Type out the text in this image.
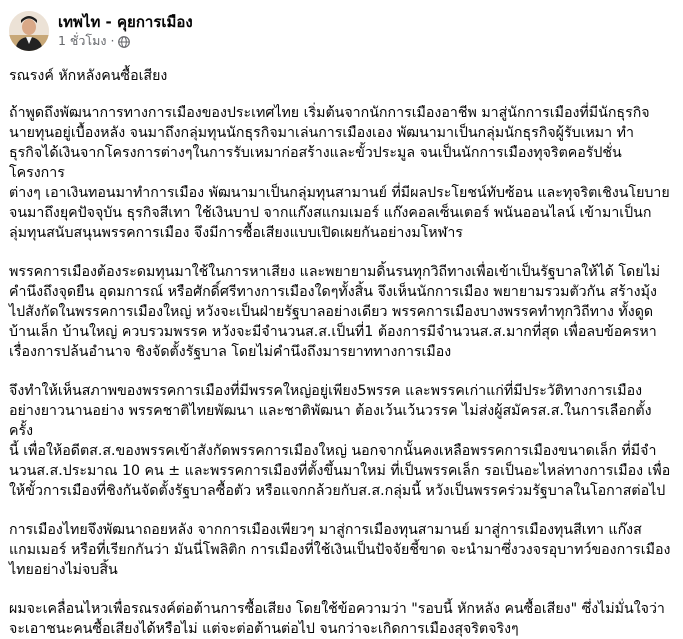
เทพไท - คุยการเมือง
1 ชั่วโมง ·

รณรงค์ หักหลังคนซื้อเสียง

ถ้าพูดถึงพัฒนาการทางการเมืองของประเทศไทย เริ่มต้นจากนักการเมืองอาชีพ มาสู่นักการเมืองที่มีนักธุรกิจ
นายทุนอยู่เบื้องหลัง จนมาถึงกลุ่มทุนนักธุรกิจมาเล่นการเมืองเอง พัฒนามาเป็นกลุ่มนักธุรกิจผู้รับเหมา ทำ
ธุรกิจได้เงินจากโครงการต่างๆในการรับเหมาก่อสร้างและขั้วประมูล จนเป็นนักการเมืองทุจริตคอรัปชั่นโครงการ
ต่างๆ เอาเงินทอนมาทำการเมือง พัฒนามาเป็นกลุ่มทุนสามานย์ ที่มีผลประโยชน์ทับซ้อน และทุจริตเชิงนโยบาย
จนมาถึงยุคปัจจุบัน ธุรกิจสีเทา ใช้เงินบาป จากแก๊งสแกมเมอร์ แก๊งคอลเซ็นเตอร์ พนันออนไลน์ เข้ามาเป็นก
ลุ่มทุนสนับสนุนพรรคการเมือง จึงมีการซื้อเสียงแบบเปิดเผยกันอย่างมโหฬาร

พรรคการเมืองต้องระดมทุนมาใช้ในการหาเสียง และพยายามดิ้นรนทุกวิถีทางเพื่อเข้าเป็นรัฐบาลให้ได้ โดยไม่
คำนึงถึงจุดยืน อุดมการณ์ หรือศักดิ์ศรีทางการเมืองใดๆทั้งสิ้น จึงเห็นนักการเมือง พยายามรวมตัวกัน สร้างมุ้ง
ไปสังกัดในพรรคการเมืองใหญ่ หวังจะเป็นฝ่ายรัฐบาลอย่างเดียว พรรคการเมืองบางพรรคทำทุกวิถีทาง ทั้งดูด
บ้านเล็ก บ้านใหญ่ ควบรวมพรรค หวังจะมีจำนวนส.ส.เป็นที่1 ต้องการมีจำนวนส.ส.มากที่สุด เพื่อลบข้อครหา
เรื่องการปล้นอำนาจ ชิงจัดตั้งรัฐบาล โดยไม่คำนึงถึงมารยาททางการเมือง

จึงทำให้เห็นสภาพของพรรคการเมืองที่มีพรรคใหญ่อยู่เพียง5พรรค และพรรคเก่าแก่ที่มีประวัติทางการเมือง
อย่างยาวนานอย่าง พรรคชาติไทยพัฒนา และชาติพัฒนา ต้องเว้นเว้นวรรค ไม่ส่งผู้สมัครส.ส.ในการเลือกตั้งครั้ง
นี้ เพื่อให้อดีตส.ส.ของพรรคเข้าสังกัดพรรคการเมืองใหญ่ นอกจากนั้นคงเหลือพรรคการเมืองขนาดเล็ก ที่มีจำ
นวนส.ส.ประมาณ 10 คน ± และพรรคการเมืองที่ตั้งขึ้นมาใหม่ ที่เป็นพรรคเล็ก รอเป็นอะไหล่ทางการเมือง เพื่อ
ให้ขั้วการเมืองที่ชิงกันจัดตั้งรัฐบาลซื้อตัว หรือแจกกล้วยกับส.ส.กลุ่มนี้ หวังเป็นพรรคร่วมรัฐบาลในโอกาสต่อไป

การเมืองไทยจึงพัฒนาถอยหลัง จากการเมืองเพียวๆ มาสู่การเมืองทุนสามานย์ มาสู่การเมืองทุนสีเทา แก๊งส
แกมเมอร์ หรือที่เรียกกันว่า มันนี่โพลิติก การเมืองที่ใช้เงินเป็นปัจจัยชี้ขาด จะนำมาซึ่งวงจรอุบาทว์ของการเมือง
ไทยอย่างไม่จบสิ้น

ผมจะเคลื่อนไหวเพื่อรณรงค์ต่อต้านการซื้อเสียง โดยใช้ข้อความว่า "รอบนี้ หักหลัง คนซื้อเสียง" ซึ่งไม่มั่นใจว่า
จะเอาชนะคนซื้อเสียงได้หรือไม่ แต่จะต่อต้านต่อไป จนกว่าจะเกิดการเมืองสุจริตจริงๆ
